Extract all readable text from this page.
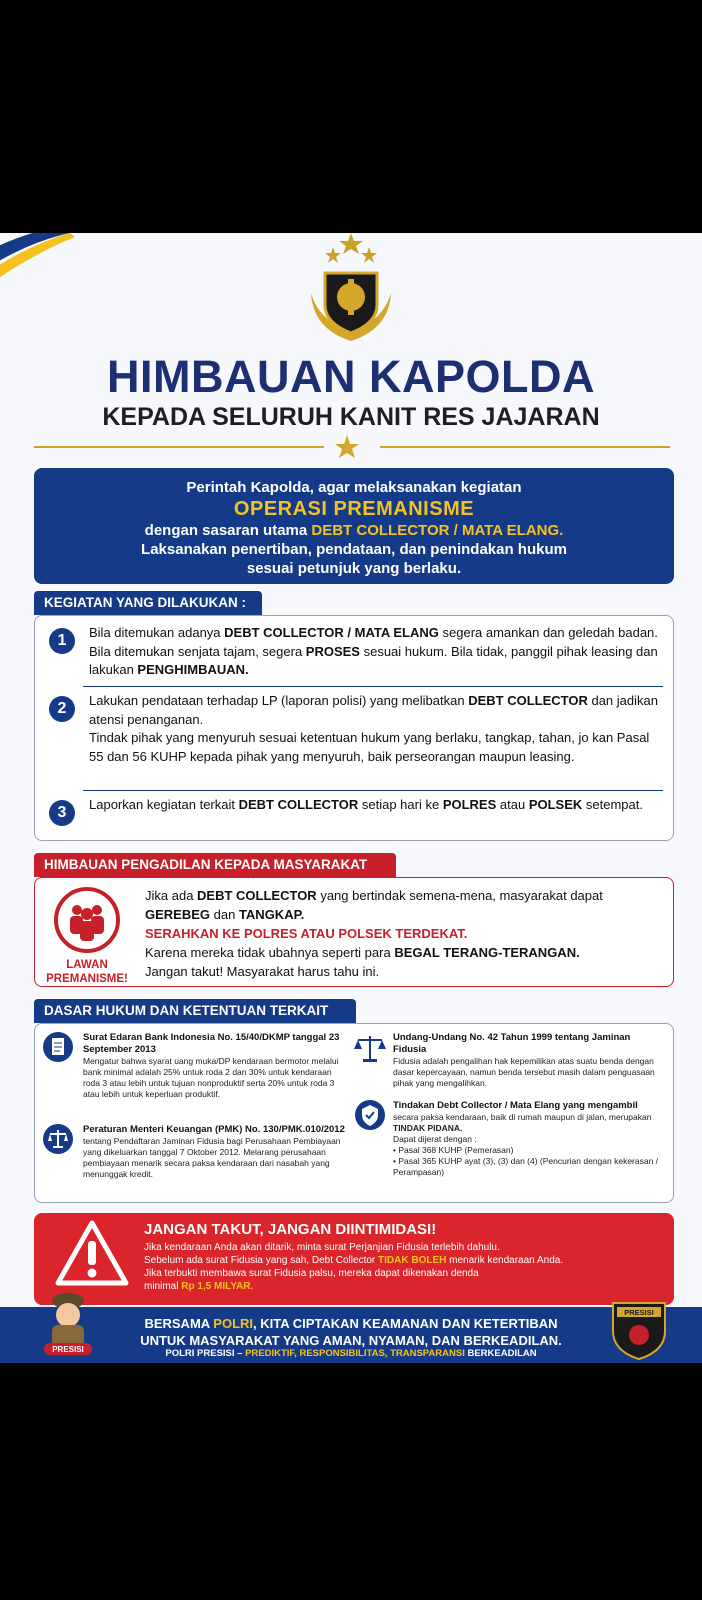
HIMBAUAN KAPOLDA
KEPADA SELURUH KANIT RES JAJARAN
Perintah Kapolda, agar melaksanakan kegiatan
OPERASI PREMANISME
dengan sasaran utama DEBT COLLECTOR / MATA ELANG.
Laksanakan penertiban, pendataan, dan penindakan hukum
sesuai petunjuk yang berlaku.
KEGIATAN YANG DILAKUKAN :
1	Bila ditemukan adanya DEBT COLLECTOR / MATA ELANG segera amankan dan geledah badan. Bila ditemukan senjata tajam, segera PROSES sesuai hukum. Bila tidak, panggil pihak leasing dan lakukan PENGHIMBAUAN.
2	Lakukan pendataan terhadap LP (laporan polisi) yang melibatkan DEBT COLLECTOR dan jadikan atensi penanganan.
Tindak pihak yang menyuruh sesuai ketentuan hukum yang berlaku, tangkap, tahan, jo kan Pasal 55 dan 56 KUHP kepada pihak yang menyuruh, baik perseorangan maupun leasing.
3	Laporkan kegiatan terkait DEBT COLLECTOR setiap hari ke POLRES atau POLSEK setempat.
HIMBAUAN PENGADILAN KEPADA MASYARAKAT
LAWAN
PREMANISME!
Jika ada DEBT COLLECTOR yang bertindak semena-mena, masyarakat dapat GEREBEG dan TANGKAP.
SERAHKAN KE POLRES ATAU POLSEK TERDEKAT.
Karena mereka tidak ubahnya seperti para BEGAL TERANG-TERANGAN.
Jangan takut! Masyarakat harus tahu ini.
DASAR HUKUM DAN KETENTUAN TERKAIT
Surat Edaran Bank Indonesia No. 15/40/DKMP tanggal 23 September 2013
Mengatur bahwa syarat uang muka/DP kendaraan bermotor melalui bank minimal adalah 25% untuk roda 2 dan 30% untuk kendaraan roda 3 atau lebih untuk tujuan nonproduktif serta 20% untuk roda 3 atau lebih untuk keperluan produktif.
Peraturan Menteri Keuangan (PMK) No. 130/PMK.010/2012
tentang Pendaftaran Jaminan Fidusia bagi Perusahaan Pembiayaan yang dikeluarkan tanggal 7 Oktober 2012. Melarang perusahaan pembiayaan menarik secara paksa kendaraan dari nasabah yang menunggak kredit.
Undang-Undang No. 42 Tahun 1999 tentang Jaminan Fidusia
Fidusia adalah pengalihan hak kepemilikan atas suatu benda dengan dasar kepercayaan, namun benda tersebut masih dalam penguasaan pihak yang mengalihkan.
Tindakan Debt Collector / Mata Elang yang mengambil
secara paksa kendaraan, baik di rumah maupun di jalan, merupakan TINDAK PIDANA.
Dapat dijerat dengan :
• Pasal 368 KUHP (Pemerasan)
• Pasal 365 KUHP ayat (3), (3) dan (4) (Pencurian dengan kekerasan / Perampasan)
JANGAN TAKUT, JANGAN DIINTIMIDASI!
Jika kendaraan Anda akan ditarik, minta surat Perjanjian Fidusia terlebih dahulu.
Sebelum ada surat Fidusia yang sah, Debt Collector TIDAK BOLEH menarik kendaraan Anda.
Jika terbukti membawa surat Fidusia palsu, mereka dapat dikenakan denda
minimal Rp 1,5 MILYAR.
BERSAMA POLRI, KITA CIPTAKAN KEAMANAN DAN KETERTIBAN
UNTUK MASYARAKAT YANG AMAN, NYAMAN, DAN BERKEADILAN.
POLRI PRESISI – PREDIKTIF, RESPONSIBILITAS, TRANSPARANSI BERKEADILAN
PRESISI
PRESISI
